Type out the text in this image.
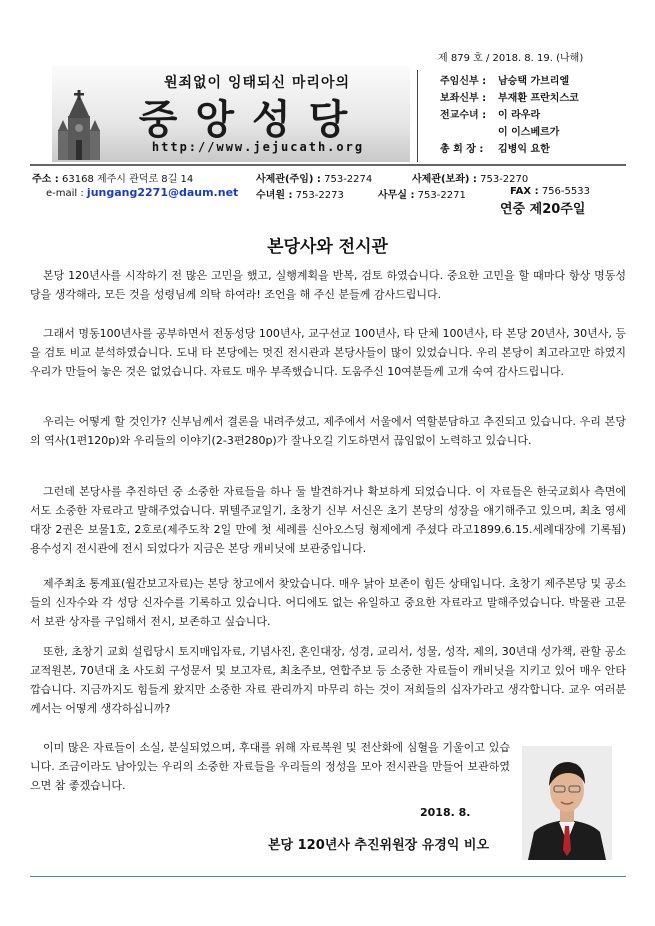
원죄없이 잉태되신 마리아의
중앙성당
http://www.jejucath.org
제 879 호 / 2018. 8. 19. (나해)
주임신부 : 남승택 가브리엘
보좌신부 : 부재환 프란치스코
전교수녀 : 이 라우라
이 이스베르가
총 회 장 : 김병익 요한
주소 : 63168 제주시 관덕로 8길 14	사제관(주임) : 753-2274	사제관(보좌) : 753-2270
e-mail : jungang2271@daum.net 수녀원 : 753-2273	사무실 : 753-2271	FAX : 756-5533
연중 제20주일
본당사와 전시관

본당 120년사를 시작하기 전 많은 고민을 했고, 실행계획을 반복, 검토 하였습니다. 중요한 고민을 할 때마다 항상 명동성당을 생각해라, 모든 것을 성령님께 의탁 하여라! 조언을 해 주신 분들께 감사드립니다.

그래서 명동100년사를 공부하면서 전동성당 100년사, 교구선교 100년사, 타 단체 100년사, 타 본당 20년사, 30년사, 등을 검토 비교 분석하였습니다. 도내 타 본당에는 멋진 전시관과 본당사들이 많이 있었습니다. 우리 본당이 최고라고만 하였지 우리가 만들어 놓은 것은 없었습니다. 자료도 매우 부족했습니다. 도움주신 10여분들께 고개 숙여 감사드립니다.

우리는 어떻게 할 것인가? 신부님께서 결론을 내려주셨고, 제주에서 서울에서 역할분담하고 추진되고 있습니다. 우리 본당의 역사(1편120p)와 우리들의 이야기(2-3편280p)가 잘나오길 기도하면서 끊임없이 노력하고 있습니다.

그런데 본당사를 추진하던 중 소중한 자료들을 하나 둘 발견하거나 확보하게 되었습니다. 이 자료들은 한국교회사 측면에서도 소중한 자료라고 말해주었습니다. 뮈텔주교일기, 초창기 신부 서신은 초기 본당의 성장을 얘기해주고 있으며, 최초 영세대장 2권은 보물1호, 2호로(제주도착 2일 만에 첫 세례를 신아오스딩 형제에게 주셨다 라고1899.6.15.세례대장에 기록됨)용수성지 전시관에 전시 되었다가 지금은 본당 캐비닛에 보관중입니다.

제주최초 통계표(월간보고자료)는 본당 창고에서 찾았습니다. 매우 낡아 보존이 힘든 상태입니다. 초창기 제주본당 및 공소들의 신자수와 각 성당 신자수를 기록하고 있습니다. 어디에도 없는 유일하고 중요한 자료라고 말해주었습니다. 박물관 고문서 보관 상자를 구입해서 전시, 보존하고 싶습니다.

또한, 초창기 교회 설립당시 토지매입자료, 기념사진, 혼인대장, 성경, 교리서, 성물, 성작, 제의, 30년대 성가책, 관할 공소 교적원본, 70년대 초 사도회 구성문서 및 보고자료, 최초주보, 연합주보 등 소중한 자료들이 캐비닛을 지키고 있어 매우 안타깝습니다. 지금까지도 힘들게 왔지만 소중한 자료 관리까지 마무리 하는 것이 저희들의 십자가라고 생각합니다. 교우 여러분께서는 어떻게 생각하십니까?

이미 많은 자료들이 소실, 분실되었으며, 후대를 위해 자료복원 및 전산화에 심혈을 기울이고 있습니다. 조금이라도 남아있는 우리의 소중한 자료들을 우리들의 정성을 모아 전시관을 만들어 보관하였으면 참 좋겠습니다.

2018. 8.
본당 120년사 추진위원장 유경익 비오
